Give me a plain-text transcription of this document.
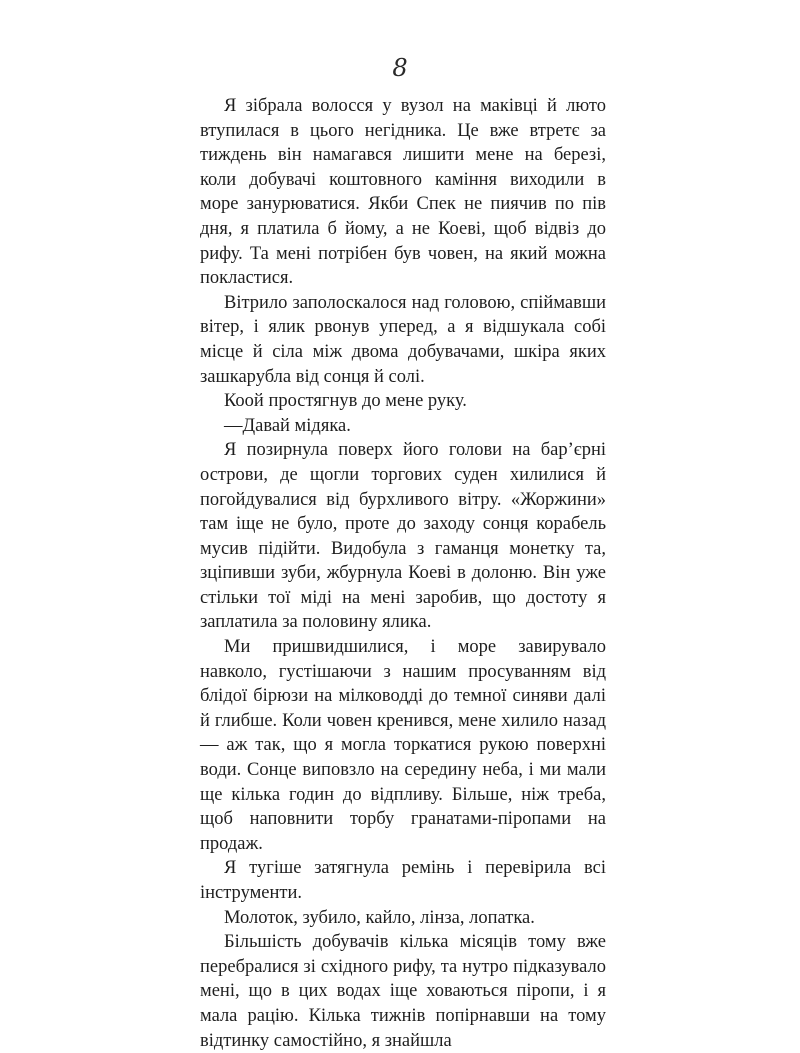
8

Я зібрала волосся у вузол на маківці й люто втупилася в цього негідника. Це вже втретє за тиждень він намагався лишити мене на березі, коли добувачі коштовного каміння виходили в море занурюватися. Якби Спек не пиячив по пів дня, я платила б йому, а не Коеві, щоб відвіз до рифу. Та мені потрібен був човен, на який можна покластися.

Вітрило заполоскалося над головою, спіймавши вітер, і ялик рвонув уперед, а я відшукала собі місце й сіла між двома добувачами, шкіра яких зашкарубла від сонця й солі.

Коой простягнув до мене руку.

—Давай мідяка.

Я позирнула поверх його голови на бар’єрні острови, де щогли торгових суден хилилися й погойдувалися від бурхливого вітру. «Жоржини» там іще не було, проте до заходу сонця корабель мусив підійти. Видобула з гаманця монетку та, зціпивши зуби, жбурнула Коеві в долоню. Він уже стільки тої міді на мені заробив, що достоту я заплатила за половину ялика.

Ми пришвидшилися, і море завирувало навколо, густішаючи з нашим просуванням від блідої бірюзи на мілководді до темної синяви далі й глибше. Коли човен кренився, мене хилило назад — аж так, що я могла торкатися рукою поверхні води. Сонце виповзло на середину неба, і ми мали ще кілька годин до відпливу. Більше, ніж треба, щоб наповнити торбу гранатами-піропами на продаж.

Я тугіше затягнула ремінь і перевірила всі інструменти.

Молоток, зубило, кайло, лінза, лопатка.

Більшість добувачів кілька місяців тому вже перебралися зі східного рифу, та нутро підказувало мені, що в цих водах іще ховаються піропи, і я мала рацію. Кілька тижнів попірнавши на тому відтинку самостійно, я знайшла
